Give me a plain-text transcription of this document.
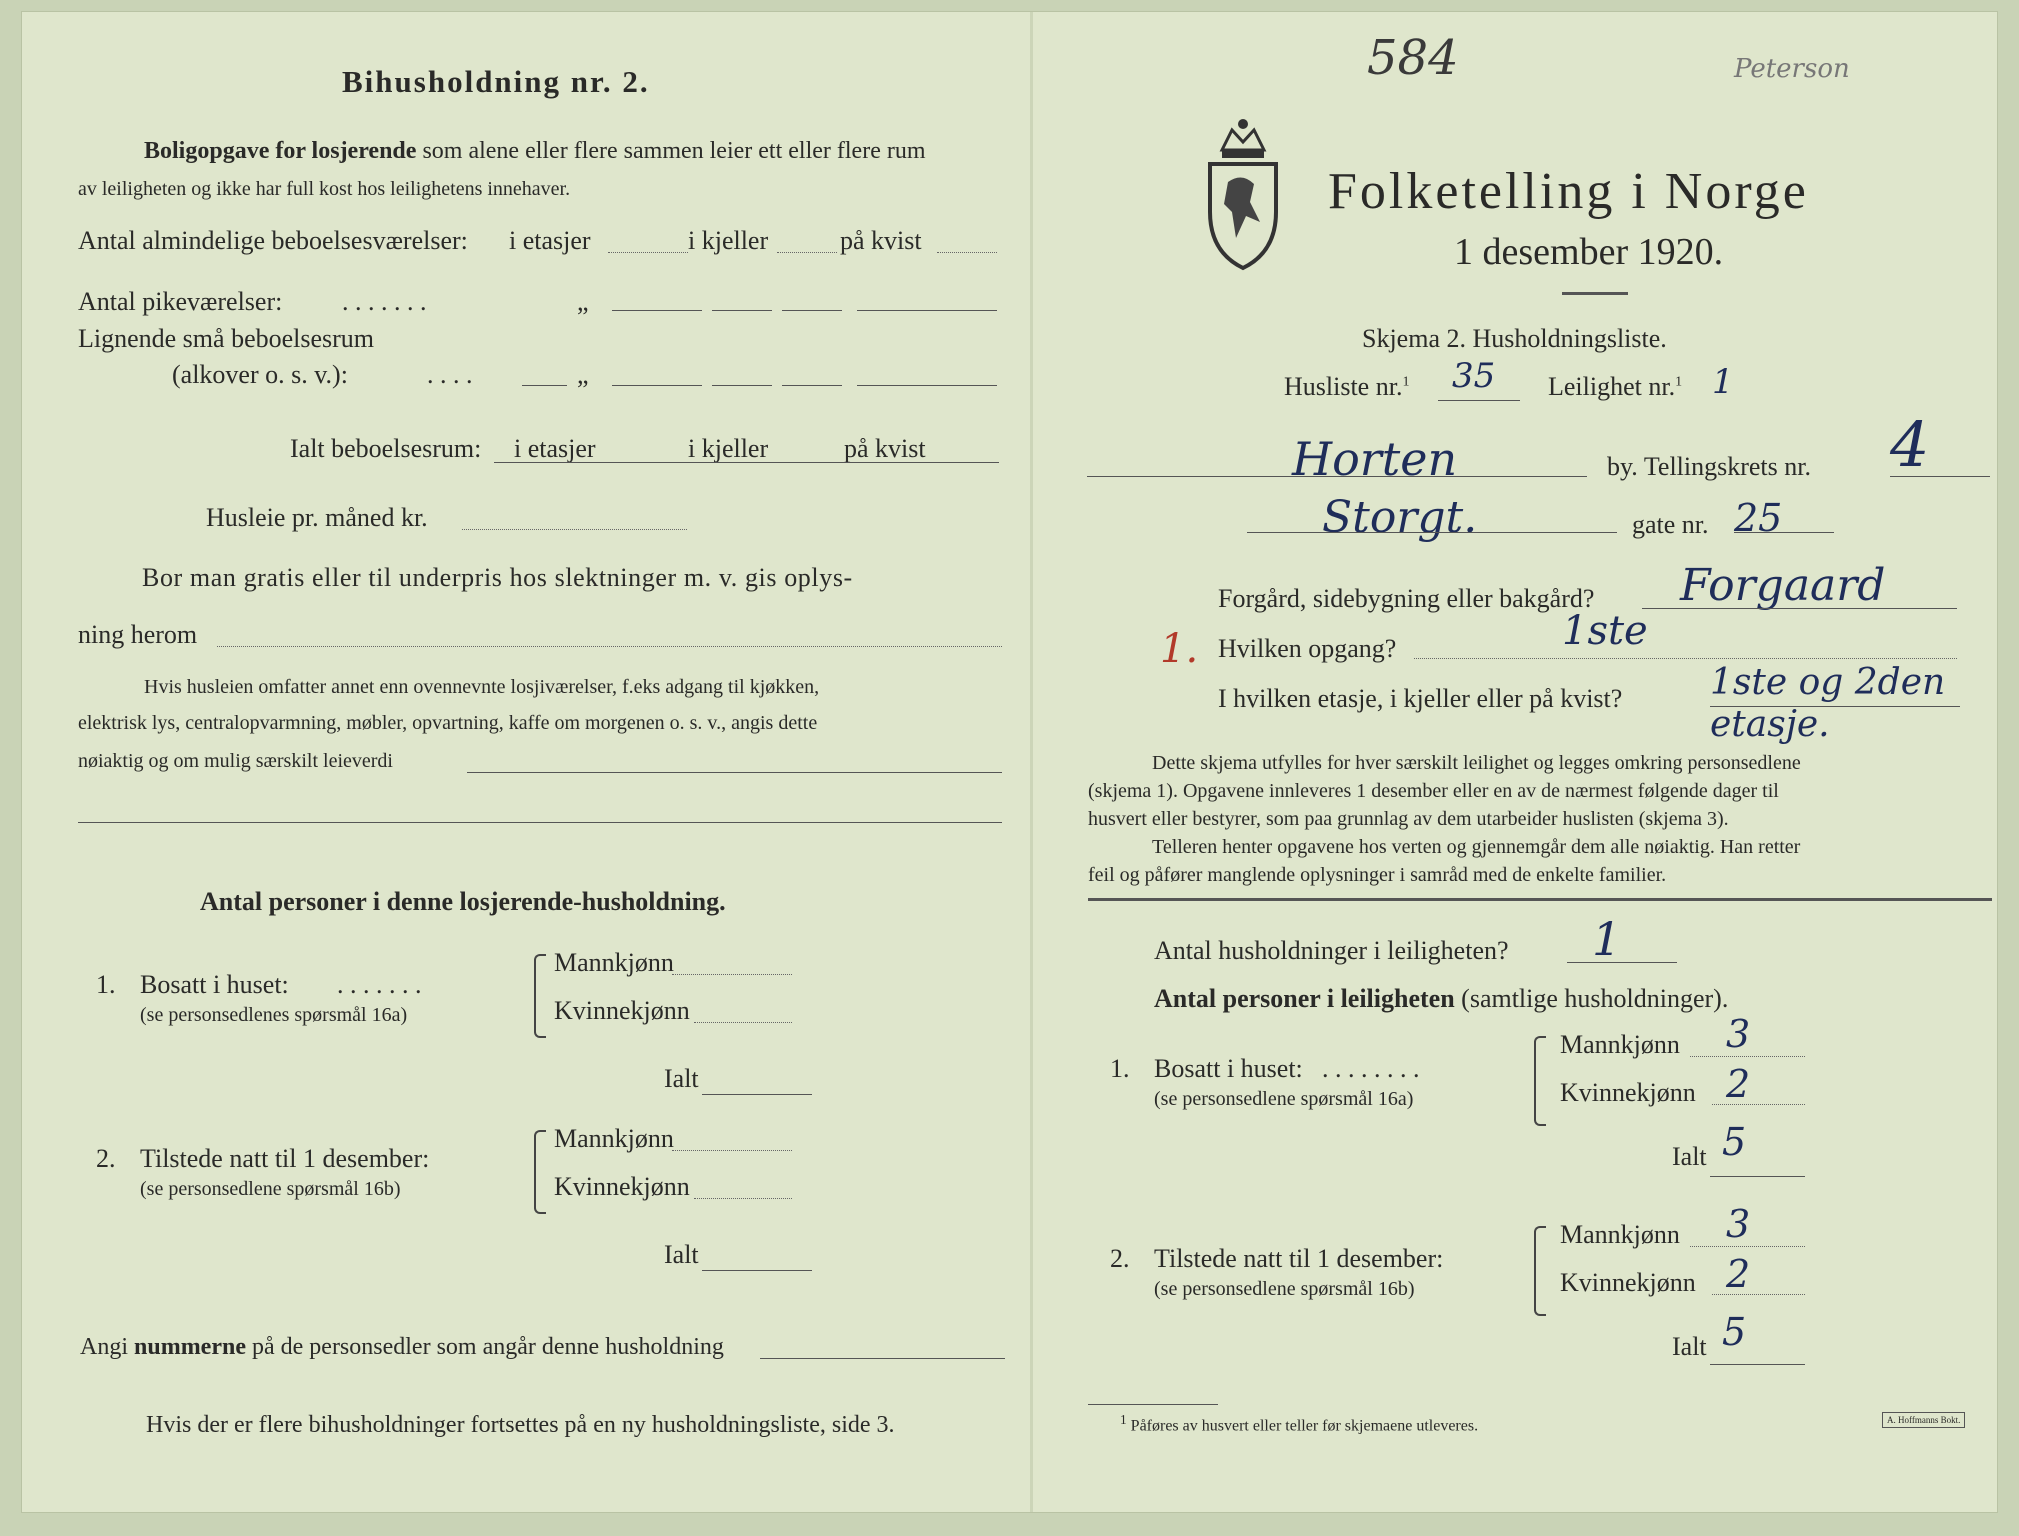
Bihusholdning nr. 2.
Boligopgave for losjerende som alene eller flere sammen leier ett eller flere rum
av leiligheten og ikke har full kost hos leilighetens innehaver.
Antal almindelige beboelsesværelser: i etasjer	i kjeller	på kvist
Antal pikeværelser: . . . . . . .	„
Lignende små beboelsesrum
(alkover o. s. v.):	. . . .	„
Ialt beboelsesrum: i etasjer	i kjeller	på kvist
Husleie pr. måned kr.
Bor man gratis eller til underpris hos slektninger m. v. gis oplys-
ning herom
Hvis husleien omfatter annet enn ovennevnte losjiværelser, f.eks adgang til kjøkken,
elektrisk lys, centralopvarmning, møbler, opvartning, kaffe om morgenen o. s. v., angis dette
nøiaktig og om mulig særskilt leieverdi
Antal personer i denne losjerende-husholdning.
1. Bosatt i huset: . . . . . . .
(se personsedlenes spørsmål 16a)
Mannkjønn
Kvinnekjønn
Ialt
2. Tilstede natt til 1 desember:
(se personsedlene spørsmål 16b)
Mannkjønn
Kvinnekjønn
Ialt
Angi nummerne på de personsedler som angår denne husholdning
Hvis der er flere bihusholdninger fortsettes på en ny husholdningsliste, side 3.
584	Peterson
Folketelling i Norge
1 desember 1920.
Skjema 2. Husholdningsliste.
Husliste nr.$^1$ 35 Leilighet nr.$^1$ 1
Horten	by. Tellingskrets nr. 4
Storgt.	gate nr. 25
Forgård, sidebygning eller bakgård? Forgaard
1. Hvilken opgang?	1ste
I hvilken etasje, i kjeller eller på kvist? 1ste og 2den
etasje.
Dette skjema utfylles for hver særskilt leilighet og legges omkring personsedlene
(skjema 1). Opgavene innleveres 1 desember eller en av de nærmest følgende dager til
husvert eller bestyrer, som paa grunnlag av dem utarbeider huslisten (skjema 3).
Telleren henter opgavene hos verten og gjennemgår dem alle nøiaktig. Han retter
feil og påfører manglende oplysninger i samråd med de enkelte familier.
Antal husholdninger i leiligheten? 1
Antal personer i leiligheten (samtlige husholdninger).
1. Bosatt i huset: . . . . . . . .
(se personsedlene spørsmål 16a)
Mannkjønn 3
Kvinnekjønn 2
Ialt 5
2. Tilstede natt til 1 desember:
(se personsedlene spørsmål 16b)
Mannkjønn 3
Kvinnekjønn 2
Ialt 5
$^1$ Påføres av husvert eller teller før skjemaene utleveres.	A. Hoffmanns Bokt.
